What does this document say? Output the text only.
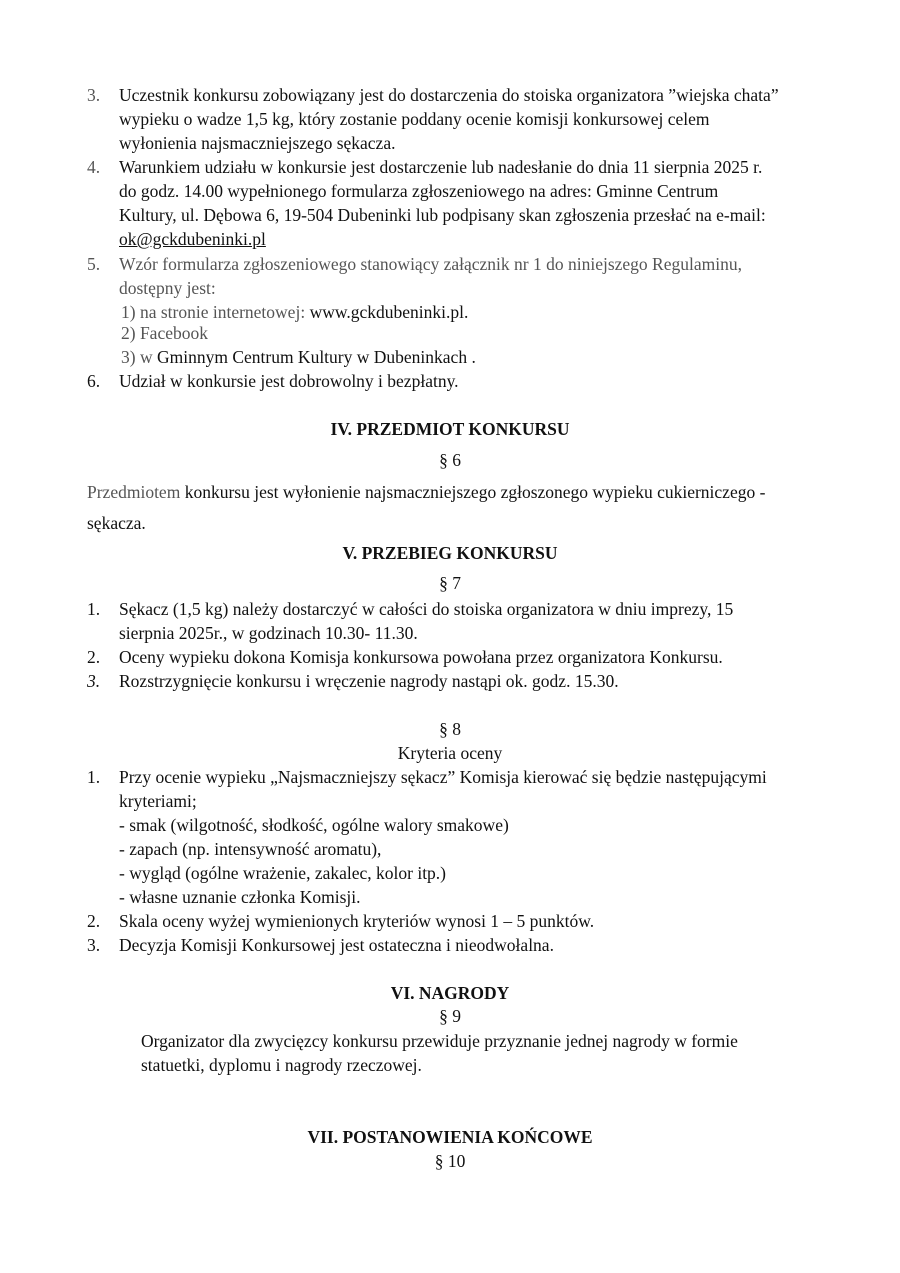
3. Uczestnik konkursu zobowiązany jest do dostarczenia do stoiska organizatora ”wiejska chata”
wypieku o wadze 1,5 kg, który zostanie poddany ocenie komisji konkursowej celem
wyłonienia najsmaczniejszego sękacza.
4. Warunkiem udziału w konkursie jest dostarczenie lub nadesłanie do dnia 11 sierpnia 2025 r.
do godz. 14.00 wypełnionego formularza zgłoszeniowego na adres: Gminne Centrum
Kultury, ul. Dębowa 6, 19-504 Dubeninki lub podpisany skan zgłoszenia przesłać na e-mail:
ok@gckdubeninki.pl
5. Wzór formularza zgłoszeniowego stanowiący załącznik nr 1 do niniejszego Regulaminu,
dostępny jest:
1) na stronie internetowej: www.gckdubeninki.pl.
2) Facebook
3) w Gminnym Centrum Kultury w Dubeninkach .
6. Udział w konkursie jest dobrowolny i bezpłatny.
IV. PRZEDMIOT KONKURSU
§ 6
Przedmiotem konkursu jest wyłonienie najsmaczniejszego zgłoszonego wypieku cukierniczego -
sękacza.
V. PRZEBIEG KONKURSU
§ 7
1. Sękacz (1,5 kg) należy dostarczyć w całości do stoiska organizatora w dniu imprezy, 15
sierpnia 2025r., w godzinach 10.30- 11.30.
2. Oceny wypieku dokona Komisja konkursowa powołana przez organizatora Konkursu.
3. Rozstrzygnięcie konkursu i wręczenie nagrody nastąpi ok. godz. 15.30.
§ 8
Kryteria oceny
1. Przy ocenie wypieku „Najsmaczniejszy sękacz” Komisja kierować się będzie następującymi
kryteriami;
- smak (wilgotność, słodkość, ogólne walory smakowe)
- zapach (np. intensywność aromatu),
- wygląd (ogólne wrażenie, zakalec, kolor itp.)
- własne uznanie członka Komisji.
2. Skala oceny wyżej wymienionych kryteriów wynosi 1 – 5 punktów.
3. Decyzja Komisji Konkursowej jest ostateczna i nieodwołalna.
VI. NAGRODY
§ 9
Organizator dla zwycięzcy konkursu przewiduje przyznanie jednej nagrody w formie
statuetki, dyplomu i nagrody rzeczowej.
VII. POSTANOWIENIA KOŃCOWE
§ 10
